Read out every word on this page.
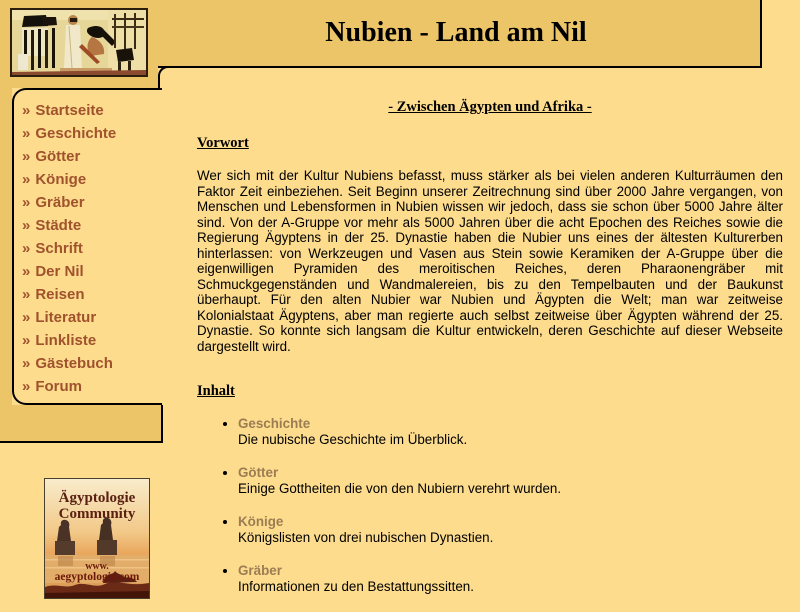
Nubien - Land am Nil
» Startseite
» Geschichte
» Götter
» Könige
» Gräber
» Städte
» Schrift
» Der Nil
» Reisen
» Literatur
» Linkliste
» Gästebuch
» Forum
Ägyptologie
Community
www.
aegyptologie.com

- Zwischen Ägypten und Afrika -

Vorwort

Wer sich mit der Kultur Nubiens befasst, muss stärker als bei vielen anderen Kulturräumen den Faktor Zeit einbeziehen. Seit Beginn unserer Zeitrechnung sind über 2000 Jahre vergangen, von Menschen und Lebensformen in Nubien wissen wir jedoch, dass sie schon über 5000 Jahre älter sind. Von der A-Gruppe vor mehr als 5000 Jahren über die acht Epochen des Reiches sowie die Regierung Ägyptens in der 25. Dynastie haben die Nubier uns eines der ältesten Kulturerben hinterlassen: von Werkzeugen und Vasen aus Stein sowie Keramiken der A-Gruppe über die eigenwilligen Pyramiden des meroitischen Reiches, deren Pharaonengräber mit Schmuckgegenständen und Wandmalereien, bis zu den Tempelbauten und der Baukunst überhaupt. Für den alten Nubier war Nubien und Ägypten die Welt; man war zeitweise Kolonialstaat Ägyptens, aber man regierte auch selbst zeitweise über Ägypten während der 25. Dynastie. So konnte sich langsam die Kultur entwickeln, deren Geschichte auf dieser Webseite dargestellt wird.

Inhalt

• Geschichte
Die nubische Geschichte im Überblick.
• Götter
Einige Gottheiten die von den Nubiern verehrt wurden.
• Könige
Königslisten von drei nubischen Dynastien.
• Gräber
Informationen zu den Bestattungssitten.
